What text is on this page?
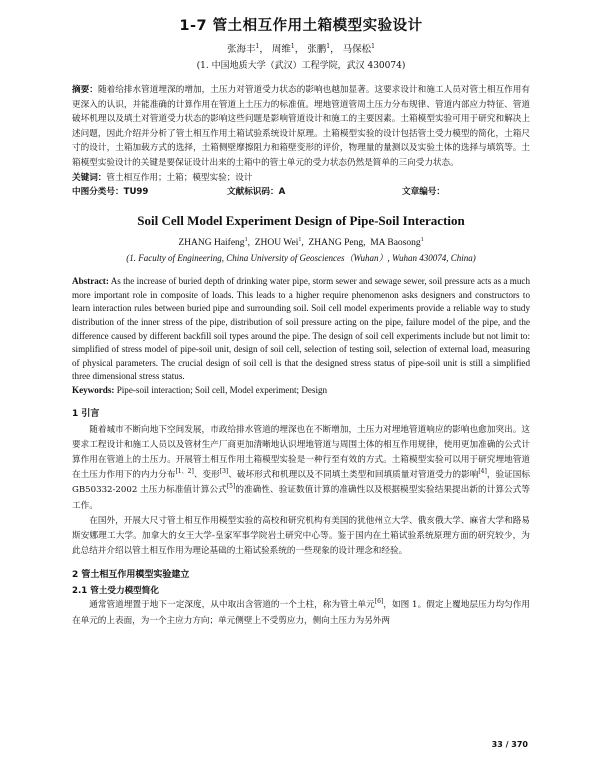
1-7 管土相互作用土箱模型实验设计

张海丰$^1$， 周维$^1$， 张鹏$^1$， 马保松$^1$

(1. 中国地质大学（武汉）工程学院，武汉 430074)

摘要：随着给排水管道埋深的增加，土压力对管道受力状态的影响也越加显著。这要求设计和施工人员对管土相互作用有更深入的认识，并能准确的计算作用在管道上土压力的标准值。埋地管道管周土压力分布规律、管道内部应力特征、管道破坏机理以及填土对管道受力状态的影响这些问题是影响管道设计和施工的主要因素。土箱模型实验可用于研究和解决上述问题，因此介绍并分析了管土相互作用土箱试验系统设计原理。土箱模型实验的设计包括管土受力模型的简化，土箱尺寸的设计，土箱加载方式的选择，土箱侧壁摩擦阻力和箱壁变形的评价，物理量的量测以及实验土体的选择与填筑等。土箱模型实验设计的关键是要保证设计出来的土箱中的管土单元的受力状态仍然是简单的三向受力状态。

关键词：管土相互作用；土箱；模型实验；设计

中图分类号：TU99	文献标识码：A	文章编号：
Soil Cell Model Experiment Design of Pipe-Soil Interaction

ZHANG Haifeng$^1$,  ZHOU Wei$^1$,  ZHANG Peng,  MA Baosong$^1$

(1. Faculty of Engineering, China University of Geosciences（Wuhan）, Wuhan 430074, China)

Abstract: As the increase of buried depth of drinking water pipe, storm sewer and sewage sewer, soil pressure acts as a much more important role in composite of loads. This leads to a higher require phenomenon asks designers and constructors to learn interaction rules between buried pipe and surrounding soil. Soil cell model experiments provide a reliable way to study distribution of the inner stress of the pipe, distribution of soil pressure acting on the pipe, failure model of the pipe, and the difference caused by different backfill soil types around the pipe. The design of soil cell experiments include but not limit to: simplified of stress model of pipe-soil unit, design of soil cell, selection of testing soil, selection of external load, measuring of physical parameters. The crucial design of soil cell is that the designed stress status of pipe-soil unit is still a simplified three dimensional stress status.

Keywords: Pipe-soil interaction; Soil cell, Model experiment; Design

1 引言

随着城市不断向地下空间发展，市政给排水管道的埋深也在不断增加，土压力对埋地管道响应的影响也愈加突出。这要求工程设计和施工人员以及管材生产厂商更加清晰地认识埋地管道与周围土体的相互作用规律，使用更加准确的公式计算作用在管道上的土压力。开展管土相互作用土箱模型实验是一种行至有效的方式。土箱模型实验可以用于研究埋地管道在土压力作用下的内力分布[1、2]、变形[3]、破坏形式和机理以及不同填土类型和回填质量对管道受力的影响[4]，验证国标 GB50332-2002 土压力标准值计算公式[5]的准确性、验证数值计算的准确性以及根据模型实验结果提出新的计算公式等工作。

在国外，开展大尺寸管土相互作用模型实验的高校和研究机构有美国的犹他州立大学、俄亥俄大学、麻省大学和路易斯安娜理工大学。加拿大的女王大学-皇家军事学院岩土研究中心等。鉴于国内在土箱试验系统原理方面的研究较少，为此总结并介绍以管土相互作用为理论基础的土箱试验系统的一些现象的设计理念和经验。

2 管土相互作用模型实验建立
2.1 管土受力模型简化

通常管道埋置于地下一定深度，从中取出含管道的一个土柱，称为管土单元[6]，如图 1。假定上覆地层压力均匀作用在单元的上表面，为一个主应力方向；单元侧壁上不受剪应力，侧向土压力为另外两

33 / 370
